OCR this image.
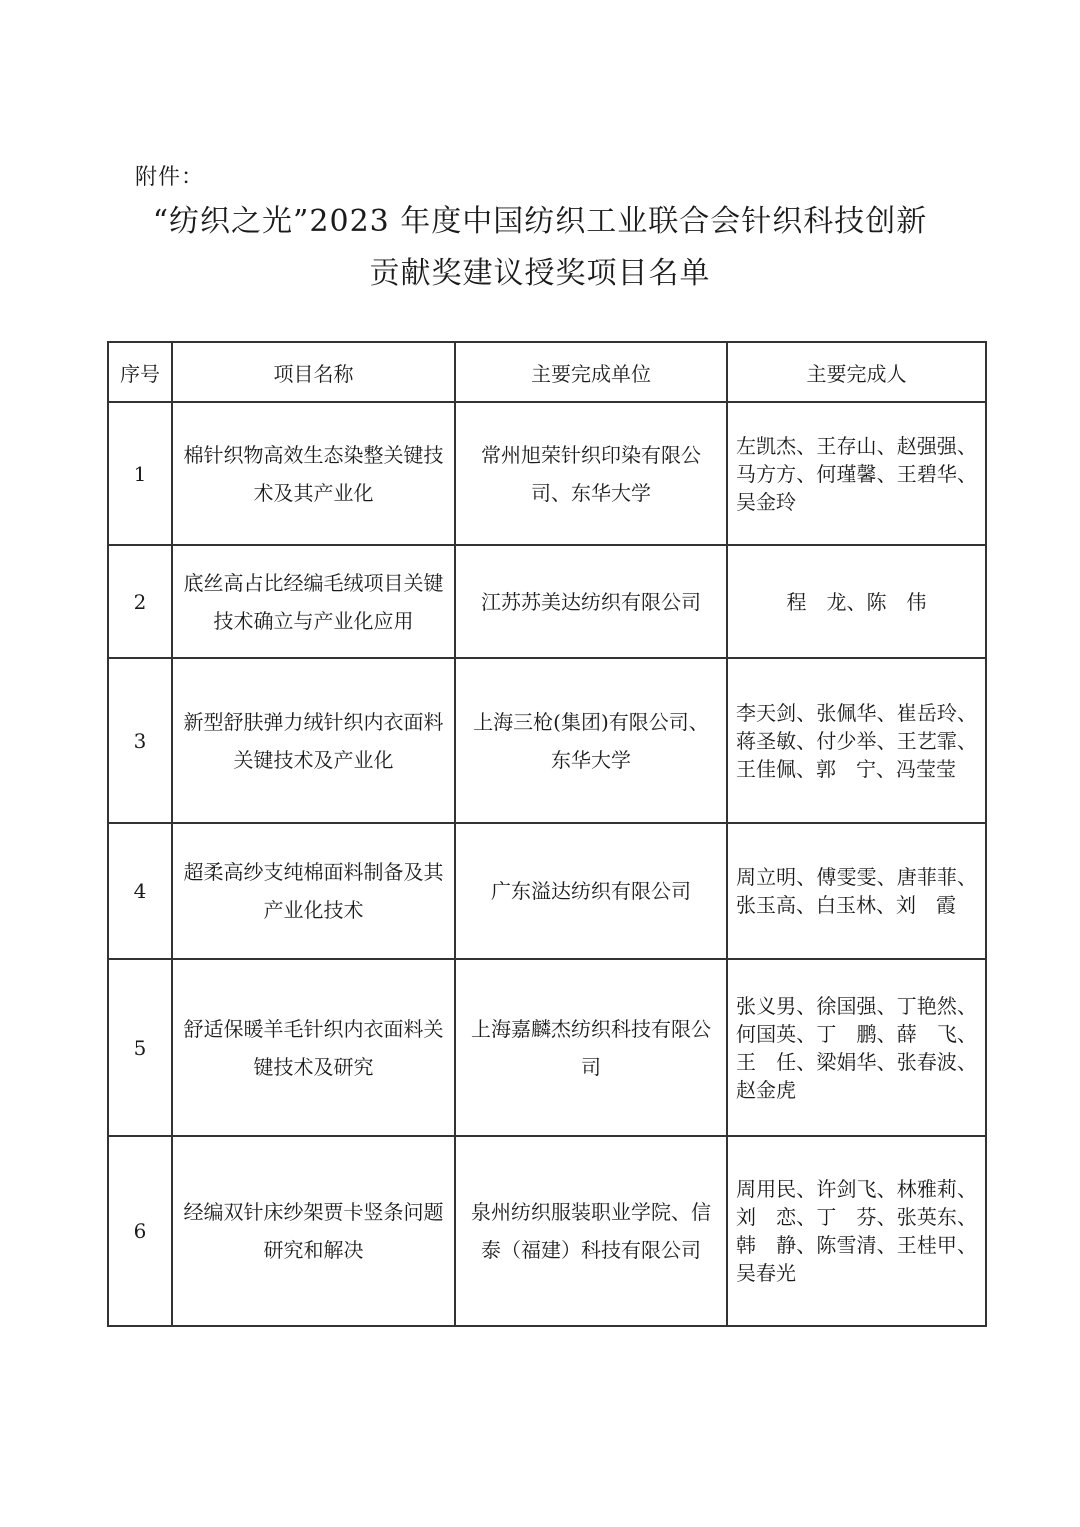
附件：
“纺织之光”2023 年度中国纺织工业联合会针织科技创新
贡献奖建议授奖项目名单
序号	项目名称	主要完成单位	主要完成人
1	棉针织物高效生态染整关键技术及其产业化	常州旭荣针织印染有限公司、东华大学	左凯杰、王存山、赵强强、马方方、何瑾馨、王碧华、吴金玲
2	底丝高占比经编毛绒项目关键技术确立与产业化应用	江苏苏美达纺织有限公司	程　龙、陈　伟
3	新型舒肤弹力绒针织内衣面料关键技术及产业化	上海三枪(集团)有限公司、东华大学	李天剑、张佩华、崔岳玲、蒋圣敏、付少举、王艺霏、王佳佩、郭　宁、冯莹莹
4	超柔高纱支纯棉面料制备及其产业化技术	广东溢达纺织有限公司	周立明、傅雯雯、唐菲菲、张玉高、白玉林、刘　霞
5	舒适保暖羊毛针织内衣面料关键技术及研究	上海嘉麟杰纺织科技有限公司	张义男、徐国强、丁艳然、何国英、丁　鹏、薛　飞、王　任、梁娟华、张春波、赵金虎
6	经编双针床纱架贾卡竖条问题研究和解决	泉州纺织服装职业学院、信泰（福建）科技有限公司	周用民、许剑飞、林雅莉、刘　恋、丁　芬、张英东、韩　静、陈雪清、王桂甲、吴春光
